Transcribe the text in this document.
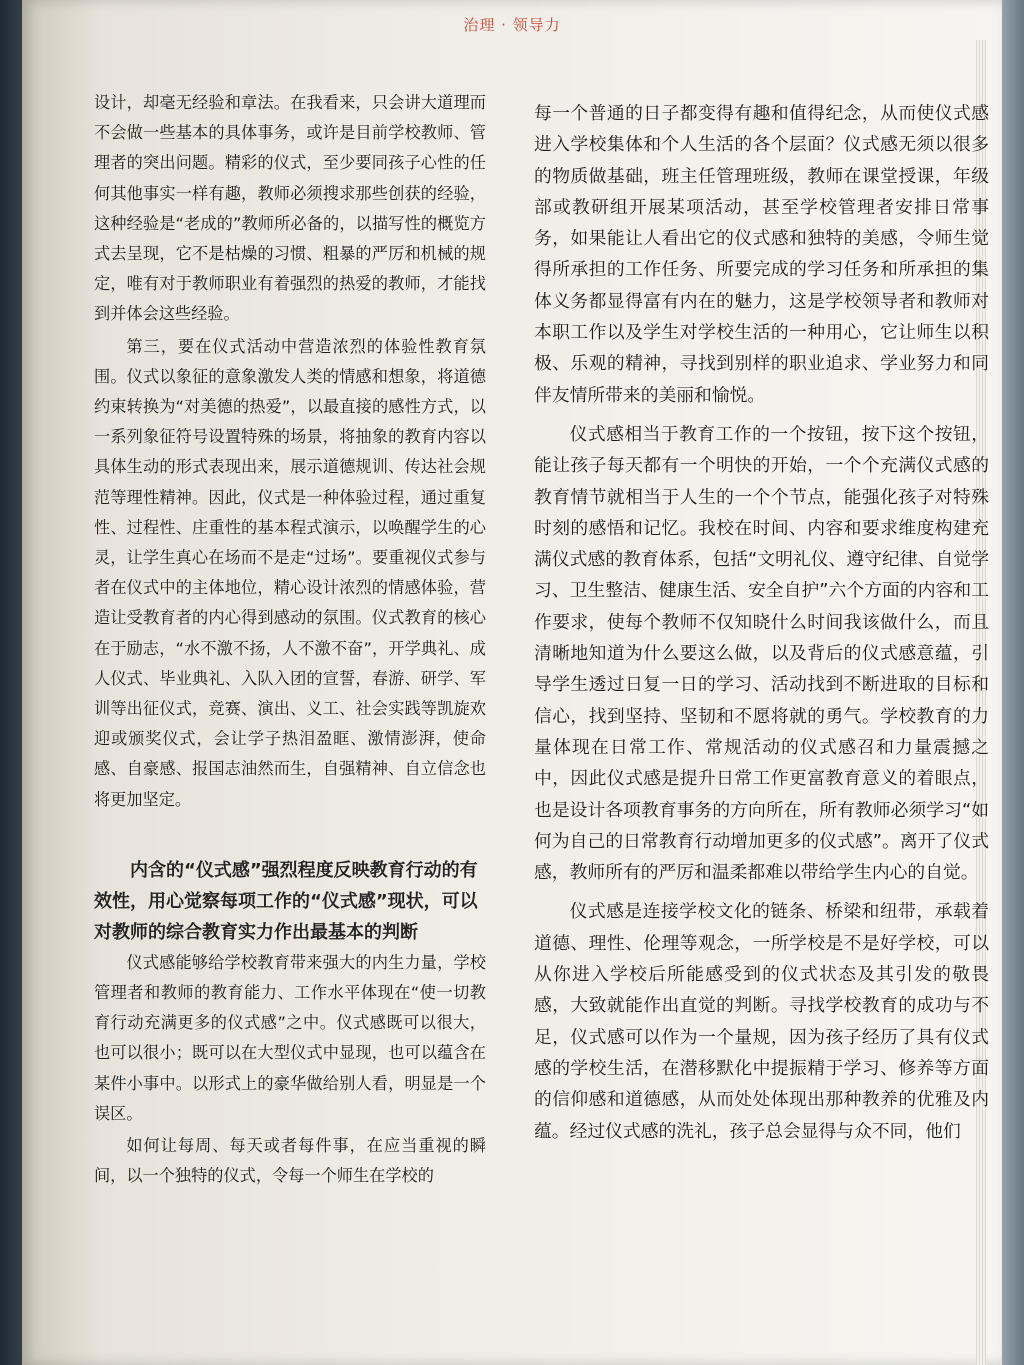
治理 · 领导力

设计，却毫无经验和章法。在我看来，只会讲大道理而不会做一些基本的具体事务，或许是目前学校教师、管理者的突出问题。精彩的仪式，至少要同孩子心性的任何其他事实一样有趣，教师必须搜求那些创获的经验，这种经验是“老成的”教师所必备的，以描写性的概览方式去呈现，它不是枯燥的习惯、粗暴的严厉和机械的规定，唯有对于教师职业有着强烈的热爱的教师，才能找到并体会这些经验。

第三，要在仪式活动中营造浓烈的体验性教育氛围。仪式以象征的意象激发人类的情感和想象，将道德约束转换为“对美德的热爱”，以最直接的感性方式，以一系列象征符号设置特殊的场景，将抽象的教育内容以具体生动的形式表现出来，展示道德规训、传达社会规范等理性精神。因此，仪式是一种体验过程，通过重复性、过程性、庄重性的基本程式演示，以唤醒学生的心灵，让学生真心在场而不是走“过场”。要重视仪式参与者在仪式中的主体地位，精心设计浓烈的情感体验，营造让受教育者的内心得到感动的氛围。仪式教育的核心在于励志，“水不激不扬，人不激不奋”，开学典礼、成人仪式、毕业典礼、入队入团的宣誓，春游、研学、军训等出征仪式，竞赛、演出、义工、社会实践等凯旋欢迎或颁奖仪式，会让学子热泪盈眶、激情澎湃，使命感、自豪感、报国志油然而生，自强精神、自立信念也将更加坚定。

内含的“仪式感”强烈程度反映教育行动的有效性，用心觉察每项工作的“仪式感”现状，可以对教师的综合教育实力作出最基本的判断

仪式感能够给学校教育带来强大的内生力量，学校管理者和教师的教育能力、工作水平体现在“使一切教育行动充满更多的仪式感”之中。仪式感既可以很大，也可以很小；既可以在大型仪式中显现，也可以蕴含在某件小事中。以形式上的豪华做给别人看，明显是一个误区。

如何让每周、每天或者每件事，在应当重视的瞬间，以一个独特的仪式，令每一个师生在学校的

每一个普通的日子都变得有趣和值得纪念，从而使仪式感进入学校集体和个人生活的各个层面？仪式感无须以很多的物质做基础，班主任管理班级，教师在课堂授课，年级部或教研组开展某项活动，甚至学校管理者安排日常事务，如果能让人看出它的仪式感和独特的美感，令师生觉得所承担的工作任务、所要完成的学习任务和所承担的集体义务都显得富有内在的魅力，这是学校领导者和教师对本职工作以及学生对学校生活的一种用心，它让师生以积极、乐观的精神，寻找到别样的职业追求、学业努力和同伴友情所带来的美丽和愉悦。

仪式感相当于教育工作的一个按钮，按下这个按钮，能让孩子每天都有一个明快的开始，一个个充满仪式感的教育情节就相当于人生的一个个节点，能强化孩子对特殊时刻的感悟和记忆。我校在时间、内容和要求维度构建充满仪式感的教育体系，包括“文明礼仪、遵守纪律、自觉学习、卫生整洁、健康生活、安全自护”六个方面的内容和工作要求，使每个教师不仅知晓什么时间我该做什么，而且清晰地知道为什么要这么做，以及背后的仪式感意蕴，引导学生透过日复一日的学习、活动找到不断进取的目标和信心，找到坚持、坚韧和不愿将就的勇气。学校教育的力量体现在日常工作、常规活动的仪式感召和力量震撼之中，因此仪式感是提升日常工作更富教育意义的着眼点，也是设计各项教育事务的方向所在，所有教师必须学习“如何为自己的日常教育行动增加更多的仪式感”。离开了仪式感，教师所有的严厉和温柔都难以带给学生内心的自觉。

仪式感是连接学校文化的链条、桥梁和纽带，承载着道德、理性、伦理等观念，一所学校是不是好学校，可以从你进入学校后所能感受到的仪式状态及其引发的敬畏感，大致就能作出直觉的判断。寻找学校教育的成功与不足，仪式感可以作为一个量规，因为孩子经历了具有仪式感的学校生活，在潜移默化中提振精于学习、修养等方面的信仰感和道德感，从而处处体现出那种教养的优雅及内蕴。经过仪式感的洗礼，孩子总会显得与众不同，他们
